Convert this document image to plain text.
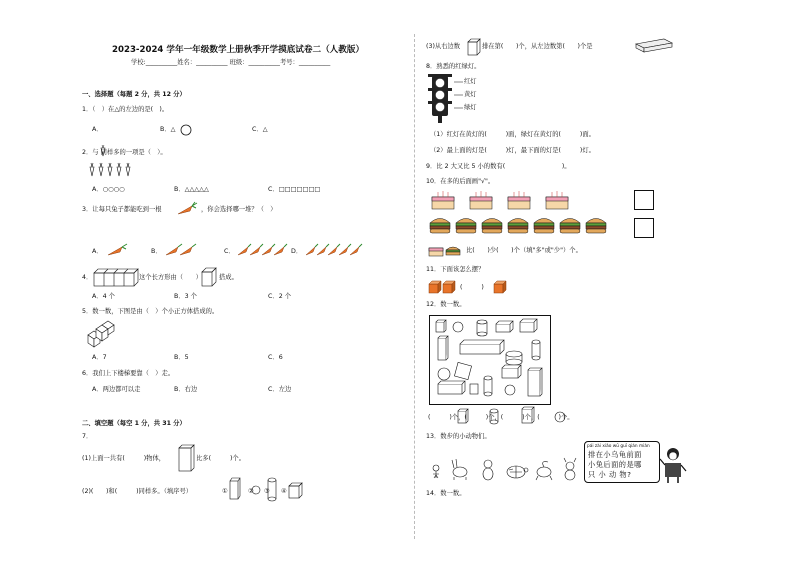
2023-2024 学年一年级数学上册秋季开学摸底试卷二（人教版）
学校:__________姓名：__________ 班级：__________考号：__________
一、选择题（每题 2 分，共 12 分）
1．（　）在△的左边的是(　)。
A．	B．△	C．△
2．与 同样多的一项是（　）。
A．○○○○	B．△△△△△	C．□□□□□□□
3．让每只兔子都能吃到一根	，你会选择哪一堆？（　）
A．	B．	C．	D．
4．	这个长方形由（　　）	搭成。
A．4 个	B．3 个	C．2 个
5．数一数，下图是由（　）个小正方体搭成的。
A．7	B．5	C．6
6．我们上下楼梯要靠（　）走。
A．两边都可以走	B．右边	C．左边
二、填空题（每空 1 分，共 31 分）
7．
(1)上面一共有(　　　)物体，	比多(　　　)个。
(2)(　　)和(　　　)同样多。（填序号）	①	② ③ ④
(3)从右边数	排在第(　　)个，从左边数第(　　)个是
8．熟悉的红绿灯。
红灯
黄灯
绿灯
（1）红灯在黄灯的(　　　)面，绿灯在黄灯的(　　　)面。
（2）最上面的灯是(　　　)灯，最下面的灯是(　　　)灯。
9．比 2 大又比 5 小的数有(　　　　　　　　　)。
10．在多的后面画"√"。
比(　　)少(　　)个（填"多"或"少"）个。
11．下面该怎么摆？
(　　　)
12．数一数。
(　　　)个，(　　　)个，(　　　)个，(　　　)个。
13．数步的小动物们。
pái zài xiǎo wū guī qián miàn
排在小乌龟前面
小兔后面的是哪
只 小 动 物?
14．数一数。
